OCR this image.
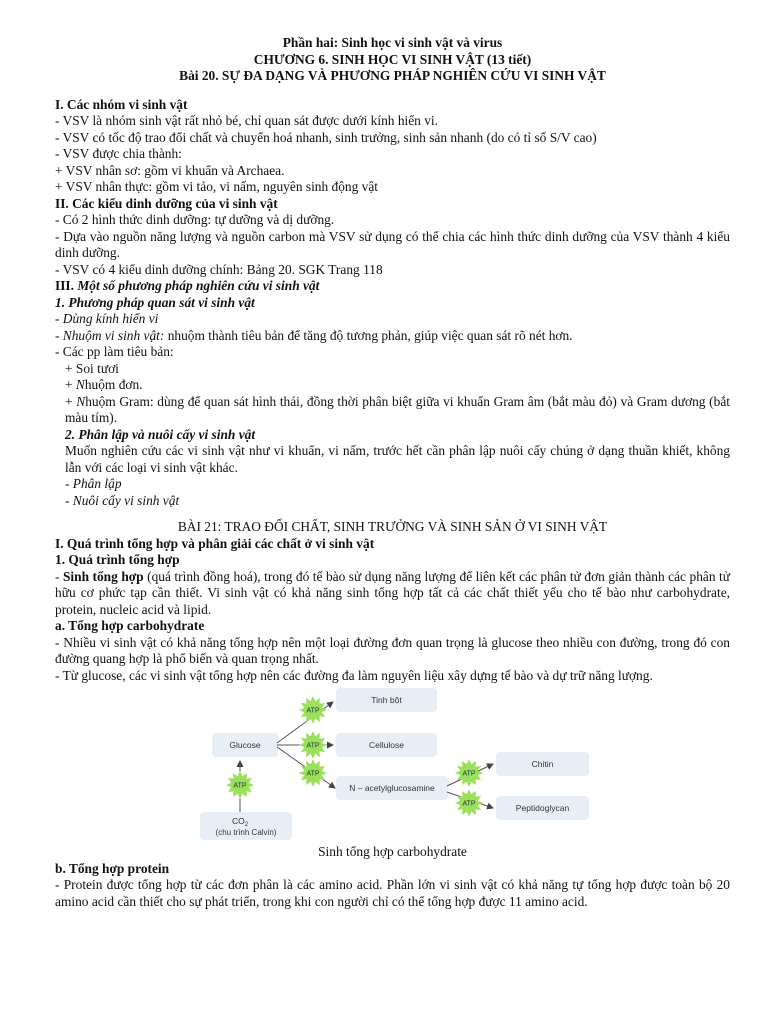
Phần hai: Sinh học vi sinh vật và virus
CHƯƠNG 6. SINH HỌC VI SINH VẬT (13 tiết)
Bài 20. SỰ ĐA DẠNG VÀ PHƯƠNG PHÁP NGHIÊN CỨU VI SINH VẬT
I. Các nhóm vi sinh vật
- VSV là nhóm sinh vật rất nhỏ bé, chỉ quan sát được dưới kính hiển vi.
- VSV có tốc độ trao đổi chất và chuyển hoá nhanh, sinh trưởng, sinh sản nhanh (do có tỉ số S/V cao)
- VSV được chia thành:
+ VSV nhân sơ: gồm vi khuẩn và Archaea.
+ VSV nhân thực: gồm vi tảo, vi nấm, nguyên sinh động vật
II. Các kiểu dinh dưỡng của vi sinh vật
- Có 2 hình thức dinh dưỡng: tự dưỡng và dị dưỡng.
- Dựa vào nguồn năng lượng và nguồn carbon mà VSV sử dụng có thể chia các hình thức dinh dưỡng của VSV thành 4 kiểu dinh dưỡng.
- VSV có 4 kiểu dinh dưỡng chính: Bảng 20. SGK Trang 118
III. Một số phương pháp nghiên cứu vi sinh vật
1. Phương pháp quan sát vi sinh vật
- Dùng kính hiển vi
- Nhuộm vi sinh vật: nhuộm thành tiêu bản để tăng độ tương phản, giúp việc quan sát rõ nét hơn.
- Các pp làm tiêu bản:
+ Soi tươi
+ Nhuộm đơn.
+ Nhuộm Gram: dùng để quan sát hình thái, đồng thời phân biệt giữa vi khuẩn Gram âm (bắt màu đỏ) và Gram dương (bắt màu tím).
2. Phân lập và nuôi cấy vi sinh vật
Muốn nghiên cứu các vi sinh vật như vi khuẩn, vi nấm, trước hết cần phân lập nuôi cấy chúng ở dạng thuần khiết, không lẫn với các loại vi sinh vật khác.
- Phân lập
- Nuôi cấy vi sinh vật
BÀI 21: TRAO ĐỔI CHẤT, SINH TRƯỞNG VÀ SINH SẢN Ở VI SINH VẬT
I. Quá trình tổng hợp và phân giải các chất ở vi sinh vật
1. Quá trình tổng hợp
- Sinh tổng hợp (quá trình đồng hoá), trong đó tế bào sử dụng năng lượng để liên kết các phân tử đơn giản thành các phân tử hữu cơ phức tạp cần thiết. Vi sinh vật có khả năng sinh tổng hợp tất cả các chất thiết yếu cho tế bào như carbohydrate, protein, nucleic acid và lipid.
a. Tổng hợp carbohydrate
- Nhiều vi sinh vật có khả năng tổng hợp nên một loại đường đơn quan trọng là glucose theo nhiều con đường, trong đó con đường quang hợp là phổ biến và quan trọng nhất.
- Từ glucose, các vi sinh vật tổng hợp nên các đường đa làm nguyên liệu xây dựng tế bào và dự trữ năng lượng.
ATP
ATP
ATP
ATP
ATP
ATP
Glucose
Tinh bột
Cellulose
N – acetylglucosamine
Chitin
Peptidoglycan
$CO_2$
(chu trình Calvin)
Sinh tổng hợp carbohydrate
b. Tổng hợp protein
- Protein được tổng hợp từ các đơn phân là các amino acid. Phần lớn vi sinh vật có khả năng tự tổng hợp được toàn bộ 20 amino acid cần thiết cho sự phát triển, trong khi con người chỉ có thể tổng hợp được 11 amino acid.
